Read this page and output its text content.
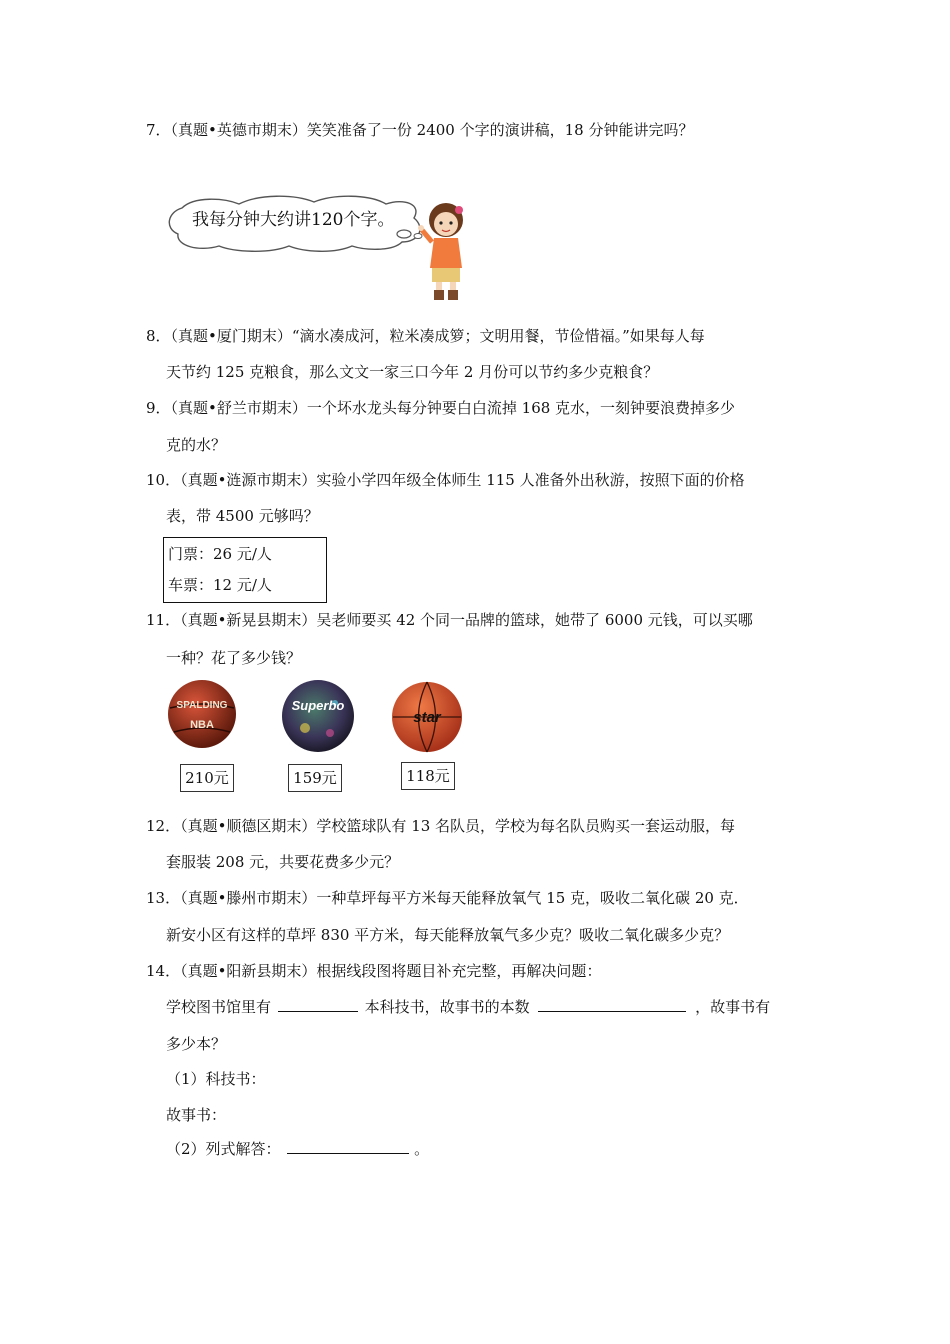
7．（真题•英德市期末）笑笑准备了一份 2400 个字的演讲稿，18 分钟能讲完吗？
我每分钟大约讲120个字。
8．（真题•厦门期末）“滴水凑成河，粒米凑成箩；文明用餐，节俭惜福。”如果每人每
天节约 125 克粮食，那么文文一家三口今年 2 月份可以节约多少克粮食？
9．（真题•舒兰市期末）一个坏水龙头每分钟要白白流掉 168 克水，一刻钟要浪费掉多少
克的水？
10．（真题•涟源市期末）实验小学四年级全体师生 115 人准备外出秋游，按照下面的价格
表，带 4500 元够吗？
门票：26 元/人
车票：12 元/人
11．（真题•新晃县期末）吴老师要买 42 个同一品牌的篮球，她带了 6000 元钱，可以买哪
一种？花了多少钱？
SPALDING
NBA
Superbo
star
210元	159元	118元
12．（真题•顺德区期末）学校篮球队有 13 名队员，学校为每名队员购买一套运动服，每
套服装 208 元，共要花费多少元？
13．（真题•滕州市期末）一种草坪每平方米每天能释放氧气 15 克，吸收二氧化碳 20 克．
新安小区有这样的草坪 830 平方米，每天能释放氧气多少克？吸收二氧化碳多少克？
14．（真题•阳新县期末）根据线段图将题目补充完整，再解决问题：
学校图书馆里有	本科技书，故事书的本数	，故事书有
多少本？
（1）科技书：
故事书：
（2）列式解答：	。
